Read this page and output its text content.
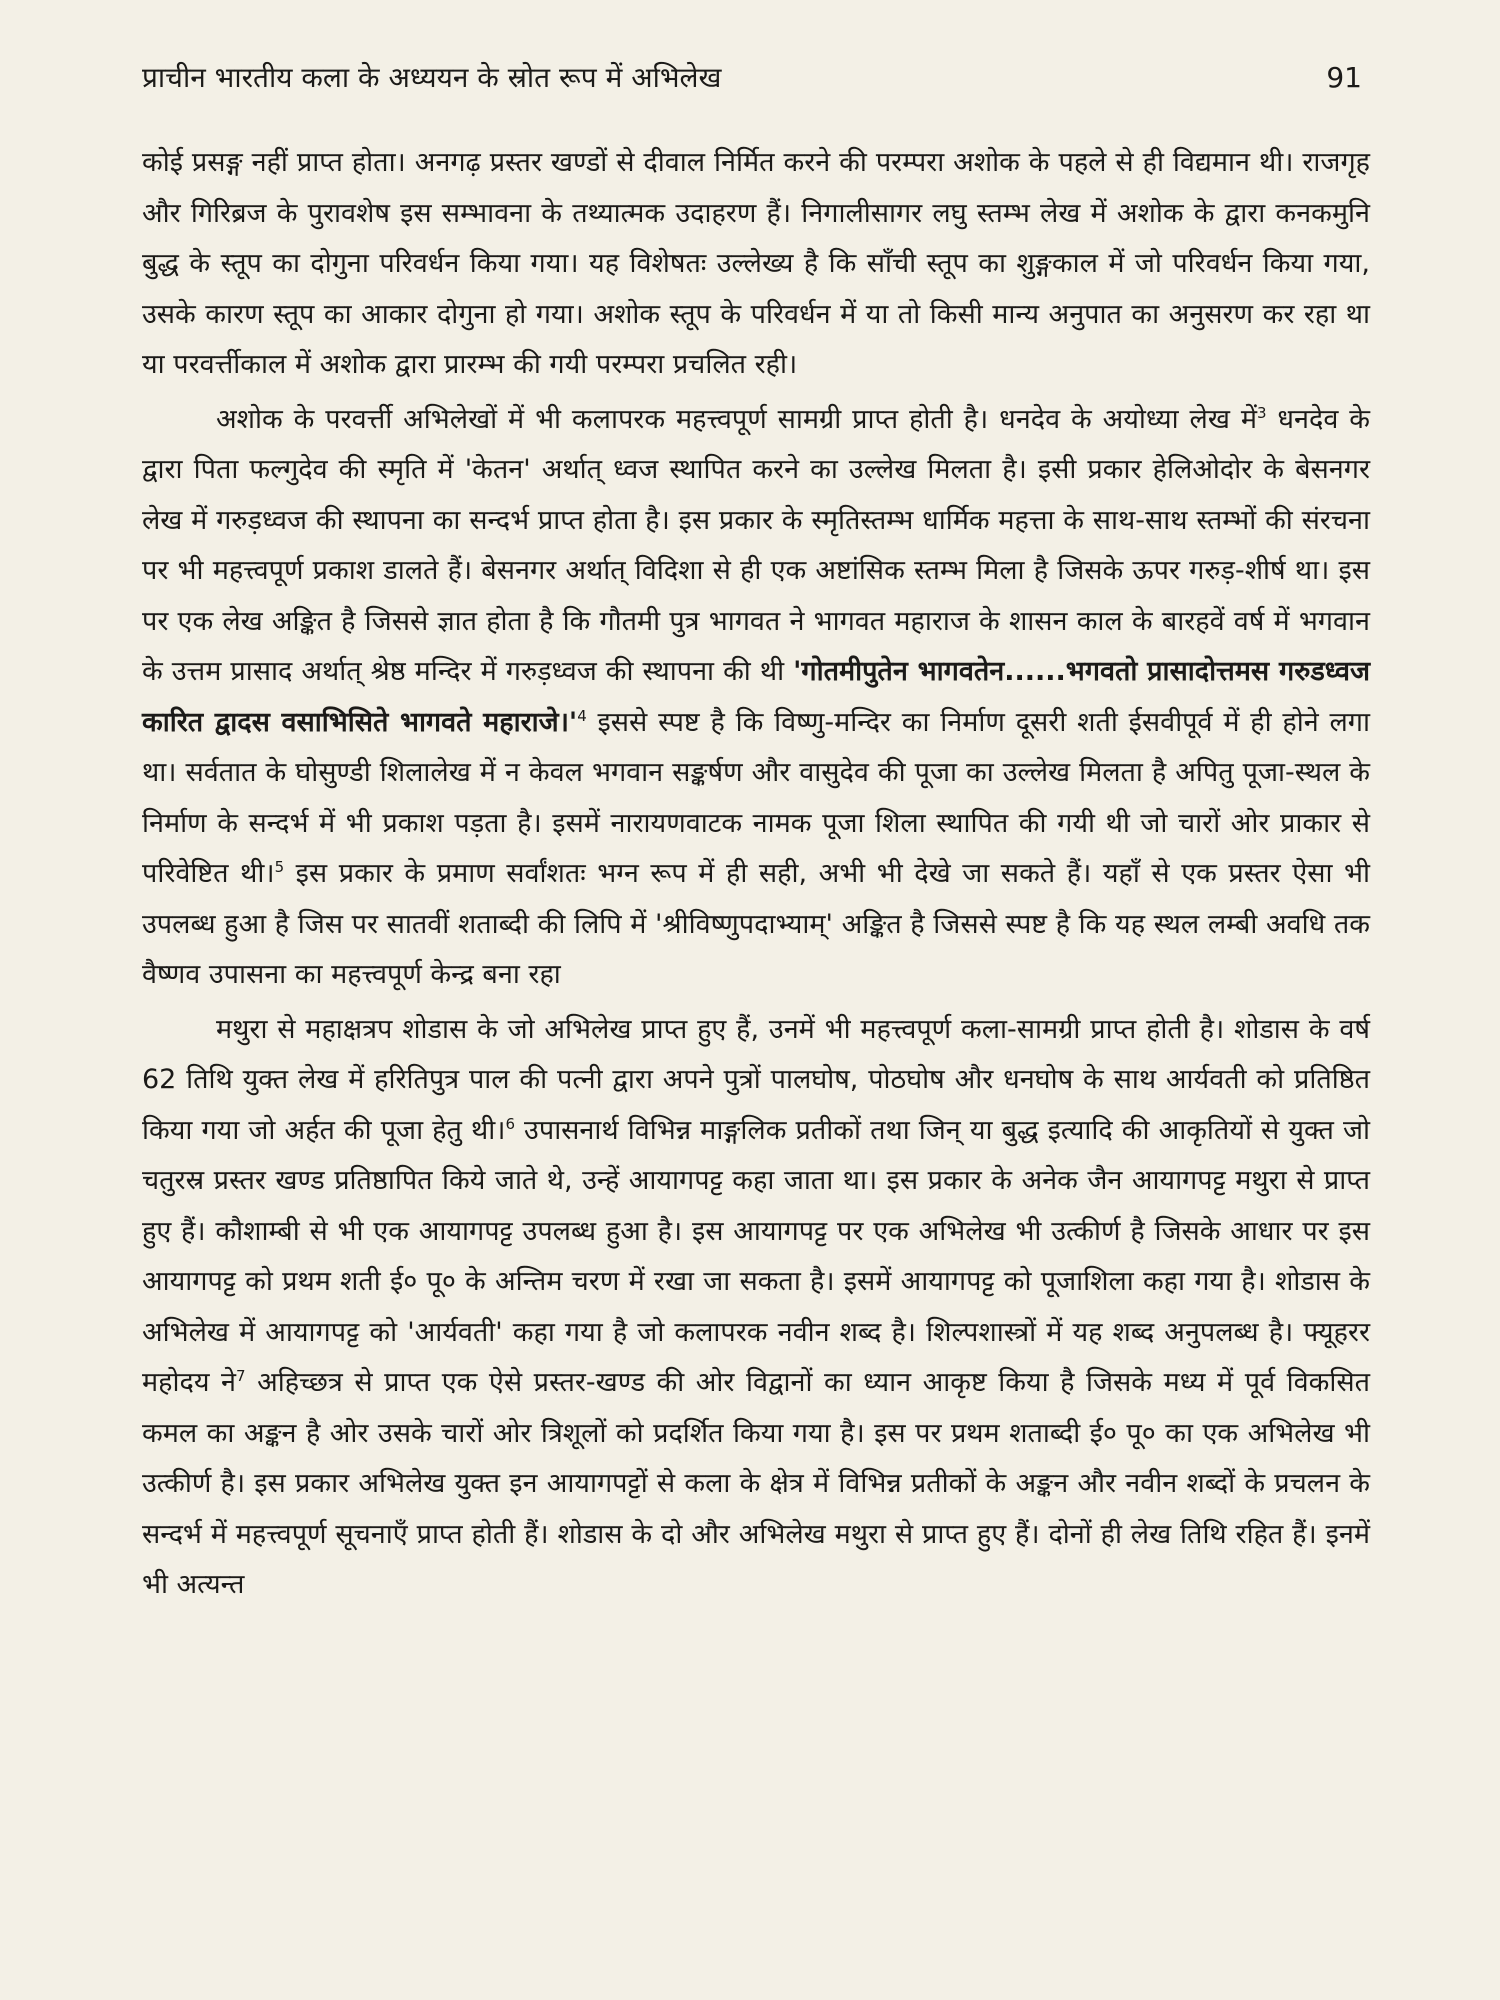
प्राचीन भारतीय कला के अध्ययन के स्रोत रूप में अभिलेख	91

कोई प्रसङ्ग नहीं प्राप्त होता। अनगढ़ प्रस्तर खण्डों से दीवाल निर्मित करने की परम्परा अशोक के पहले से ही विद्यमान थी। राजगृह और गिरिब्रज के पुरावशेष इस सम्भावना के तथ्यात्मक उदाहरण हैं। निगालीसागर लघु स्तम्भ लेख में अशोक के द्वारा कनकमुनि बुद्ध के स्तूप का दोगुना परिवर्धन किया गया। यह विशेषतः उल्लेख्य है कि साँची स्तूप का शुङ्गकाल में जो परिवर्धन किया गया, उसके कारण स्तूप का आकार दोगुना हो गया। अशोक स्तूप के परिवर्धन में या तो किसी मान्य अनुपात का अनुसरण कर रहा था या परवर्त्तीकाल में अशोक द्वारा प्रारम्भ की गयी परम्परा प्रचलित रही।

अशोक के परवर्त्ती अभिलेखों में भी कलापरक महत्त्वपूर्ण सामग्री प्राप्त होती है। धनदेव के अयोध्या लेख में$^3$ धनदेव के द्वारा पिता फल्गुदेव की स्मृति में 'केतन' अर्थात् ध्वज स्थापित करने का उल्लेख मिलता है। इसी प्रकार हेलिओदोर के बेसनगर लेख में गरुड़ध्वज की स्थापना का सन्दर्भ प्राप्त होता है। इस प्रकार के स्मृतिस्तम्भ धार्मिक महत्ता के साथ-साथ स्तम्भों की संरचना पर भी महत्त्वपूर्ण प्रकाश डालते हैं। बेसनगर अर्थात् विदिशा से ही एक अष्टांसिक स्तम्भ मिला है जिसके ऊपर गरुड़-शीर्ष था। इस पर एक लेख अङ्कित है जिससे ज्ञात होता है कि गौतमी पुत्र भागवत ने भागवत महाराज के शासन काल के बारहवें वर्ष में भगवान के उत्तम प्रासाद अर्थात् श्रेष्ठ मन्दिर में गरुड़ध्वज की स्थापना की थी 'गोतमीपुतेन भागवतेन......भगवतो प्रासादोत्तमस गरुडध्वज कारित द्वादस वसाभिसिते भागवते $महाराजे।'^4$ इससे स्पष्ट है कि विष्णु-मन्दिर का निर्माण दूसरी शती ईसवीपूर्व में ही होने लगा था। सर्वतात के घोसुण्डी शिलालेख में न केवल भगवान सङ्कर्षण और वासुदेव की पूजा का उल्लेख मिलता है अपितु पूजा-स्थल के निर्माण के सन्दर्भ में भी प्रकाश पड़ता है। इसमें नारायणवाटक नामक पूजा शिला स्थापित की गयी थी जो चारों ओर प्राकार से परिवेष्टित थी।$^5$ इस प्रकार के प्रमाण सर्वांशतः भग्न रूप में ही सही, अभी भी देखे जा सकते हैं। यहाँ से एक प्रस्तर ऐसा भी उपलब्ध हुआ है जिस पर सातवीं शताब्दी की लिपि में 'श्रीविष्णुपदाभ्याम्' अङ्कित है जिससे स्पष्ट है कि यह स्थल लम्बी अवधि तक वैष्णव उपासना का महत्त्वपूर्ण केन्द्र बना रहा

मथुरा से महाक्षत्रप शोडास के जो अभिलेख प्राप्त हुए हैं, उनमें भी महत्त्वपूर्ण कला-सामग्री प्राप्त होती है। शोडास के वर्ष 62 तिथि युक्त लेख में हरितिपुत्र पाल की पत्नी द्वारा अपने पुत्रों पालघोष, पोठघोष और धनघोष के साथ आर्यवती को प्रतिष्ठित किया गया जो अर्हत की पूजा हेतु थी।$^6$ उपासनार्थ विभिन्न माङ्गलिक प्रतीकों तथा जिन् या बुद्ध इत्यादि की आकृतियों से युक्त जो चतुरस्र प्रस्तर खण्ड प्रतिष्ठापित किये जाते थे, उन्हें आयागपट्ट कहा जाता था। इस प्रकार के अनेक जैन आयागपट्ट मथुरा से प्राप्त हुए हैं। कौशाम्बी से भी एक आयागपट्ट उपलब्ध हुआ है। इस आयागपट्ट पर एक अभिलेख भी उत्कीर्ण है जिसके आधार पर इस आयागपट्ट को प्रथम शती ई० पू० के अन्तिम चरण में रखा जा सकता है। इसमें आयागपट्ट को पूजाशिला कहा गया है। शोडास के अभिलेख में आयागपट्ट को 'आर्यवती' कहा गया है जो कलापरक नवीन शब्द है। शिल्पशास्त्रों में यह शब्द अनुपलब्ध है। फ्यूहरर महोदय ने$^7$ अहिच्छत्र से प्राप्त एक ऐसे प्रस्तर-खण्ड की ओर विद्वानों का ध्यान आकृष्ट किया है जिसके मध्य में पूर्व विकसित कमल का अङ्कन है ओर उसके चारों ओर त्रिशूलों को प्रदर्शित किया गया है। इस पर प्रथम शताब्दी ई० पू० का एक अभिलेख भी उत्कीर्ण है। इस प्रकार अभिलेख युक्त इन आयागपट्टों से कला के क्षेत्र में विभिन्न प्रतीकों के अङ्कन और नवीन शब्दों के प्रचलन के सन्दर्भ में महत्त्वपूर्ण सूचनाएँ प्राप्त होती हैं। शोडास के दो और अभिलेख मथुरा से प्राप्त हुए हैं। दोनों ही लेख तिथि रहित हैं। इनमें भी अत्यन्त
